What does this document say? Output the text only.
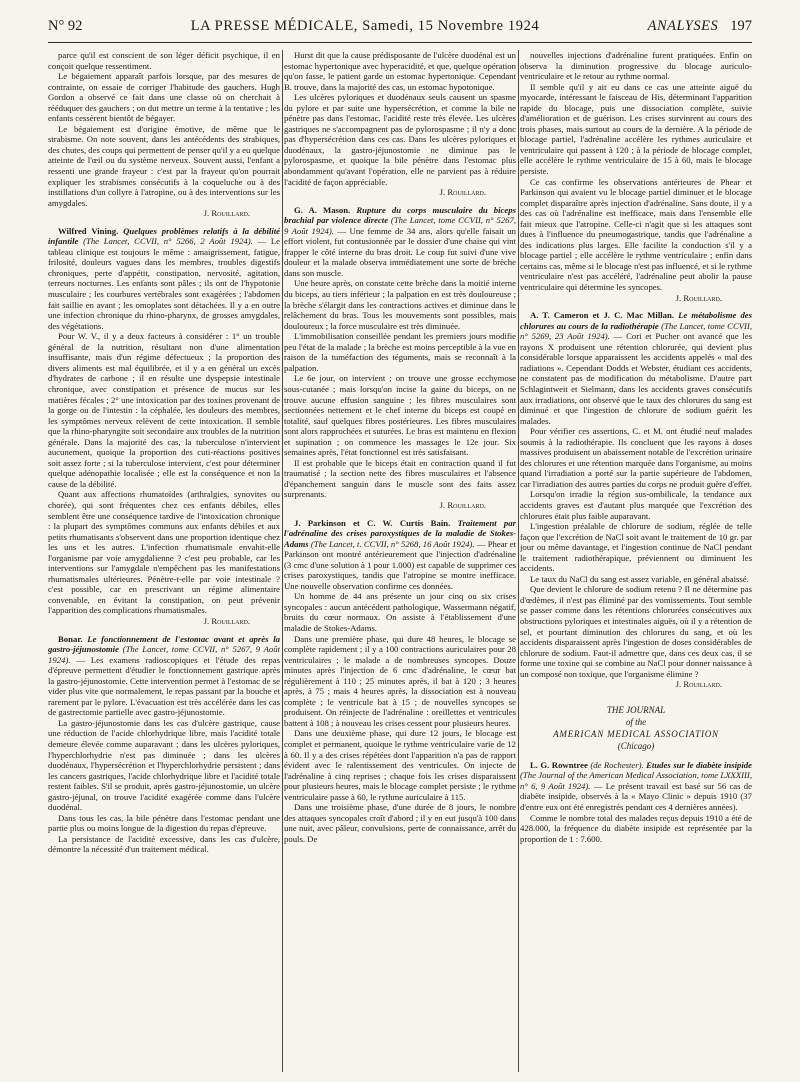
N° 92	LA PRESSE MÉDICALE, Samedi, 15 Novembre 1924	ANALYSES 197

parce qu'il est conscient de son léger déficit psychique, il en conçoit quelque ressentiment.

Le bégaiement apparaît parfois lorsque, par des mesures de contrainte, on essaie de corriger l'habitude des gauchers. Hugh Gordon a observé ce fait dans une classe où on cherchait à rééduquer des gauchers ; on dut mettre un terme à la tentative ; les enfants cessèrent bientôt de bégayer.

Le bégaiement est d'origine émotive, de même que le strabisme. On note souvent, dans les antécédents des strabiques, des chutes, des coups qui permettent de penser qu'il y a eu quelque atteinte de l'œil ou du système nerveux. Souvent aussi, l'enfant a ressenti une grande frayeur : c'est par la frayeur qu'on pourrait expliquer les strabismes consécutifs à la coqueluche ou à des instillations d'un collyre à l'atropine, ou à des interventions sur les amygdales.

J. Rouillard.

Wilfred Vining. Quelques problèmes relatifs à la débilité infantile (The Lancet, CCVII, n° 5266, 2 Août 1924). — Le tableau clinique est toujours le même : amaigrissement, fatigue, frilosité, douleurs vagues dans les membres, troubles digestifs chroniques, perte d'appétit, constipation, nervosité, agitation, terreurs nocturnes. Les enfants sont pâles ; ils ont de l'hypotonie musculaire ; les courbures vertébrales sont exagérées ; l'abdomen fait saillie en avant ; les omoplates sont détachées. Il y a en outre une infection chronique du rhino-pharynx, de grosses amygdales, des végétations.

Pour W. V., il y a deux facteurs à considérer : 1° un trouble général de la nutrition, résultant non d'une alimentation insuffisante, mais d'un régime défectueux ; la proportion des divers aliments est mal équilibrée, et il y a en général un excès d'hydrates de carbone ; il en résulte une dyspepsie intestinale chronique, avec constipation et présence de mucus sur les matières fécales ; 2° une intoxication par des toxines provenant de la gorge ou de l'intestin : la céphalée, les douleurs des membres, les symptômes nerveux relèvent de cette intoxication. Il semble que la rhino-pharyngite soit secondaire aux troubles de la nutrition générale. Dans la majorité des cas, la tuberculose n'intervient aucunement, quoique la proportion des cuti-réactions positives soit assez forte ; si la tuberculose intervient, c'est pour déterminer quelque adénopathie localisée ; elle est la conséquence et non la cause de la débilité.

Quant aux affections rhumatoïdes (arthralgies, synovites ou chorée), qui sont fréquentes chez ces enfants débiles, elles semblent être une conséquence tardive de l'intoxication chronique : la plupart des symptômes communs aux enfants débiles et aux petits rhumatisants s'observent dans une proportion identique chez les uns et les autres. L'infection rhumatismale envahit-elle l'organisme par voie amygdalienne ? c'est peu probable, car les interventions sur l'amygdale n'empêchent pas les manifestations rhumatismales ultérieures. Pénètre-t-elle par voie intestinale ? c'est possible, car en prescrivant un régime alimentaire convenable, en évitant la constipation, on peut prévenir l'apparition des complications rhumatismales.

J. Rouillard.

Bonar. Le fonctionnement de l'estomac avant et après la gastro-jéjunostomie (The Lancet, tome CCVII, n° 5267, 9 Août 1924). — Les examens radioscopiques et l'étude des repas d'épreuve permettent d'étudier le fonctionnement gastrique après la gastro-jéjunostomie. Cette intervention permet à l'estomac de se vider plus vite que normalement, le repas passant par la bouche et rarement par le pylore. L'évacuation est très accélérée dans les cas de gastrectomie partielle avec gastro-jéjunostomie.

La gastro-jéjunostomie dans les cas d'ulcère gastrique, cause une réduction de l'acide chlorhydrique libre, mais l'acidité totale demeure élevée comme auparavant ; dans les ulcères pyloriques, l'hyperchlorhydrie n'est pas diminuée ; dans les ulcères duodénaux, l'hypersécrétion et l'hyperchlorhydrie persistent ; dans les cancers gastriques, l'acide chlorhydrique libre et l'acidité totale restent faibles. S'il se produit, après gastro-jéjunostomie, un ulcère gastro-jéjunal, on trouve l'acidité exagérée comme dans l'ulcère duodénal.

Dans tous les cas, la bile pénètre dans l'estomac pendant une partie plus ou moins longue de la digestion du repas d'épreuve.

La persistance de l'acidité excessive, dans les cas d'ulcère, démontre la nécessité d'un traitement médical.

Hurst dit que la cause prédisposante de l'ulcère duodénal est un estomac hypertonique avec hyperacidité, et que, quelque opération qu'on fasse, le patient garde un estomac hypertonique. Cependant B. trouve, dans la majorité des cas, un estomac hypotonique.

Les ulcères pyloriques et duodénaux seuls causent un spasme du pylore et par suite une hypersécrétion, et comme la bile ne pénètre pas dans l'estomac, l'acidité reste très élevée. Les ulcères gastriques ne s'accompagnent pas de pylorospasme ; il n'y a donc pas d'hypersécrétion dans ces cas. Dans les ulcères pyloriques et duodénaux, la gastro-jéjunostomie ne diminue pas le pylorospasme, et quoique la bile pénètre dans l'estomac plus abondamment qu'avant l'opération, elle ne parvient pas à réduire l'acidité de façon appréciable.

J. Rouillard.

G. A. Mason. Rupture du corps musculaire du biceps brachial par violence directe (The Lancet, tome CCVII, n° 5267, 9 Août 1924). — Une femme de 34 ans, alors qu'elle faisait un effort violent, fut contusionnée par le dossier d'une chaise qui vint frapper le côté interne du bras droit. Le coup fut suivi d'une vive douleur et la malade observa immédiatement une sorte de brèche dans son muscle.

Une heure après, on constate cette brèche dans la moitié interne du biceps, au tiers inférieur ; la palpation en est très douloureuse ; la brèche s'élargit dans les contractions actives et diminue dans le relâchement du bras. Tous les mouvements sont possibles, mais douloureux ; la force musculaire est très diminuée.

L'immobilisation conseillée pendant les premiers jours modifie peu l'état de la malade ; la brèche est moins perceptible à la vue en raison de la tuméfaction des téguments, mais se reconnaît à la palpation.

Le 6e jour, on intervient ; on trouve une grosse ecchymose sous-cutanée ; mais lorsqu'on incise la gaine du biceps, on ne trouve aucune effusion sanguine ; les fibres musculaires sont sectionnées nettement et le chef interne du biceps est coupé en totalité, sauf quelques fibres postérieures. Les fibres musculaires sont alors rapprochées et suturées. Le bras est maintenu en flexion et supination ; on commence les massages le 12e jour. Six semaines après, l'état fonctionnel est très satisfaisant.

Il est probable que le biceps était en contraction quand il fut traumatisé ; la section nette des fibres musculaires et l'absence d'épanchement sanguin dans le muscle sont des faits assez surprenants.

J. Rouillard.

J. Parkinson et C. W. Curtis Bain. Traitement par l'adrénaline des crises paroxystiques de la maladie de Stokes-Adams (The Lancet, t. CCVII, n° 5268, 16 Août 1924). — Phear et Parkinson ont montré antérieurement que l'injection d'adrénaline (3 cmc d'une solution à 1 pour 1.000) est capable de supprimer ces crises paroxystiques, tandis que l'atropine se montre inefficace. Une nouvelle observation confirme ces données.

Un homme de 44 ans présente un jour cinq ou six crises syncopales : aucun antécédent pathologique, Wassermann négatif, bruits du cœur normaux. On assiste à l'établissement d'une maladie de Stokes-Adams.

Dans une première phase, qui dure 48 heures, le blocage se complète rapidement ; il y a 100 contractions auriculaires pour 28 ventriculaires ; le malade a de nombreuses syncopes. Douze minutes après l'injection de 6 cmc d'adrénaline, le cœur bat régulièrement à 110 ; 25 minutes après, il bat à 120 ; 3 heures après, à 75 ; mais 4 heures après, la dissociation est à nouveau complète ; le ventricule bat à 15 ; de nouvelles syncopes se produisent. On réinjecte de l'adrénaline : oreillettes et ventricules battent à 108 ; à nouveau les crises cessent pour plusieurs heures.

Dans une deuxième phase, qui dure 12 jours, le blocage est complet et permanent, quoique le rythme ventriculaire varie de 12 à 60. Il y a des crises répétées dont l'apparition n'a pas de rapport évident avec le ralentissement des ventricules. On injecte de l'adrénaline à cinq reprises ; chaque fois les crises disparaissent pour plusieurs heures, mais le blocage complet persiste ; le rythme ventriculaire passe à 60, le rythme auriculaire à 115.

Dans une troisième phase, d'une durée de 8 jours, le nombre des attaques syncopales croît d'abord ; il y en eut jusqu'à 100 dans une nuit, avec pâleur, convulsions, perte de connaissance, arrêt du pouls. De

nouvelles injections d'adrénaline furent pratiquées. Enfin on observa la diminution progressive du blocage auriculo-ventriculaire et le retour au rythme normal.

Il semble qu'il y ait eu dans ce cas une atteinte aiguë du myocarde, intéressant le faisceau de His, déterminant l'apparition rapide du blocage, puis une dissociation complète, suivie d'amélioration et de guérison. Les crises survinrent au cours des trois phases, mais surtout au cours de la dernière. A la période de blocage partiel, l'adrénaline accélère les rythmes auriculaire et ventriculaire qui passent à 120 ; à la période de blocage complet, elle accélère le rythme ventriculaire de 15 à 60, mais le blocage persiste.

Ce cas confirme les observations antérieures de Phear et Parkinson qui avaient vu le blocage partiel diminuer et le blocage complet disparaître après injection d'adrénaline. Sans doute, il y a des cas où l'adrénaline est inefficace, mais dans l'ensemble elle fait mieux que l'atropine. Celle-ci n'agit que si les attaques sont dues à l'influence du pneumogastrique, tandis que l'adrénaline a des indications plus larges. Elle facilite la conduction s'il y a blocage partiel ; elle accélère le rythme ventriculaire ; enfin dans certains cas, même si le blocage n'est pas influencé, et si le rythme ventriculaire n'est pas accéléré, l'adrénaline peut abolir la pause ventriculaire qui détermine les syncopes.

J. Rouillard.

A. T. Cameron et J. C. Mac Millan. Le métabolisme des chlorures au cours de la radiothérapie (The Lancet, tome CCVII, n° 5269, 23 Août 1924). — Cori et Pucher ont avancé que les rayons X produisent une rétention chlorurée, qui devient plus considérable lorsque apparaissent les accidents appelés « mal des radiations ». Cependant Dodds et Webster, étudiant ces accidents, ne constatent pas de modification du métabolisme. D'autre part Schlagintweit et Sielmann, dans les accidents graves consécutifs aux irradiations, ont observé que le taux des chlorures du sang est diminué et que l'ingestion de chlorure de sodium guérit les malades.

Pour vérifier ces assertions, C. et M. ont étudié neuf malades soumis à la radiothérapie. Ils concluent que les rayons à doses massives produisent un abaissement notable de l'excrétion urinaire des chlorures et une rétention marquée dans l'organisme, au moins quand l'irradiation a porté sur la partie supérieure de l'abdomen, car l'irradiation des autres parties du corps ne produit guère d'effet.

Lorsqu'on irradie la région sus-ombilicale, la tendance aux accidents graves est d'autant plus marquée que l'excrétion des chlorures était plus faible auparavant.

L'ingestion préalable de chlorure de sodium, réglée de telle façon que l'excrétion de NaCl soit avant le traitement de 10 gr. par jour ou même davantage, et l'ingestion continue de NaCl pendant le traitement radiothérapique, préviennent ou diminuent les accidents.

Le taux du NaCl du sang est assez variable, en général abaissé.

Que devient le chlorure de sodium retenu ? Il ne détermine pas d'œdèmes, il n'est pas éliminé par des vomissements. Tout semble se passer comme dans les rétentions chlorurées consécutives aux obstructions pyloriques et intestinales aiguës, où il y a rétention de sel, et pourtant diminution des chlorures du sang, et où les accidents disparaissent après l'ingestion de doses considérables de chlorure de sodium. Faut-il admettre que, dans ces deux cas, il se forme une toxine qui se combine au NaCl pour donner naissance à un composé non toxique, que l'organisme élimine ?

J. Rouillard.

THE JOURNAL
of the
AMERICAN MEDICAL ASSOCIATION
(Chicago)

L. G. Rowntree (de Rochester). Etudes sur le diabète insipide (The Journal of the American Medical Association, tome LXXXIII, n° 6, 9 Août 1924). — Le présent travail est basé sur 56 cas de diabète insipide, observés à la « Mayo Clinic » depuis 1910 (37 d'entre eux ont été enregistrés pendant ces 4 dernières années).

Comme le nombre total des malades reçus depuis 1910 a été de 428.000, la fréquence du diabète insipide est représentée par la proportion de 1 : 7.600.
